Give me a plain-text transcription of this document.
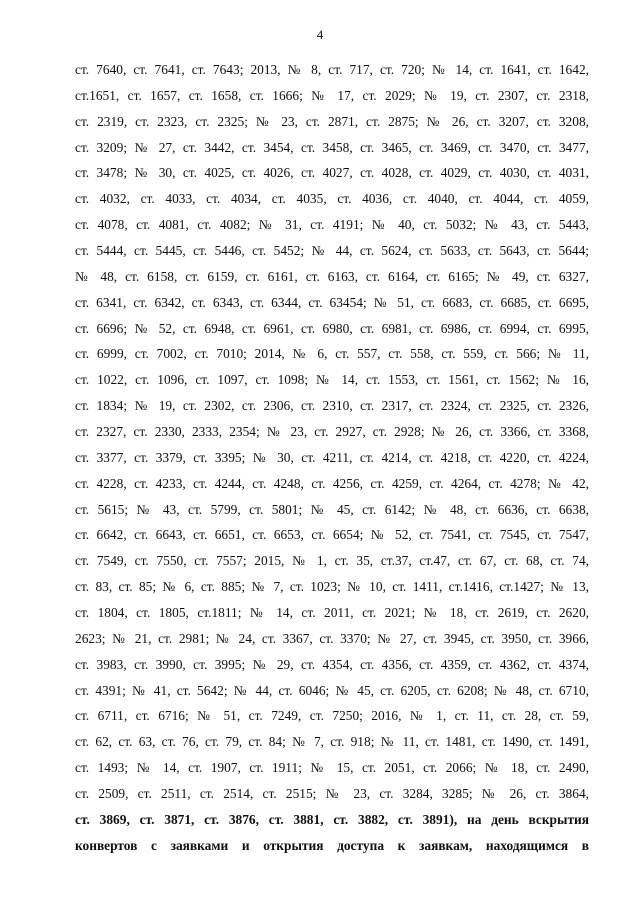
4
ст. 7640, ст. 7641, ст. 7643; 2013, № 8, ст. 717, ст. 720; № 14, ст. 1641, ст. 1642,
ст.1651, ст. 1657, ст. 1658, ст. 1666; № 17, ст. 2029; № 19, ст. 2307, ст. 2318,
ст. 2319, ст. 2323, ст. 2325; № 23, ст. 2871, ст. 2875; № 26, ст. 3207, ст. 3208,
ст. 3209; № 27, ст. 3442, ст. 3454, ст. 3458, ст. 3465, ст. 3469, ст. 3470, ст. 3477,
ст. 3478; № 30, ст. 4025, ст. 4026, ст. 4027, ст. 4028, ст. 4029, ст. 4030, ст. 4031,
ст. 4032, ст. 4033, ст. 4034, ст. 4035, ст. 4036, ст. 4040, ст. 4044, ст. 4059,
ст. 4078, ст. 4081, ст. 4082; № 31, ст. 4191; № 40, ст. 5032; № 43, ст. 5443,
ст. 5444, ст. 5445, ст. 5446, ст. 5452; № 44, ст. 5624, ст. 5633, ст. 5643, ст. 5644;
№ 48, ст. 6158, ст. 6159, ст. 6161, ст. 6163, ст. 6164, ст. 6165; № 49, ст. 6327,
ст. 6341, ст. 6342, ст. 6343, ст. 6344, ст. 63454; № 51, ст. 6683, ст. 6685, ст. 6695,
ст. 6696; № 52, ст. 6948, ст. 6961, ст. 6980, ст. 6981, ст. 6986, ст. 6994, ст. 6995,
ст. 6999, ст. 7002, ст. 7010; 2014, № 6, ст. 557, ст. 558, ст. 559, ст. 566; № 11,
ст. 1022, ст. 1096, ст. 1097, ст. 1098; № 14, ст. 1553, ст. 1561, ст. 1562; № 16,
ст. 1834; № 19, ст. 2302, ст. 2306, ст. 2310, ст. 2317, ст. 2324, ст. 2325, ст. 2326,
ст. 2327, ст. 2330, 2333, 2354; № 23, ст. 2927, ст. 2928; № 26, ст. 3366, ст. 3368,
ст. 3377, ст. 3379, ст. 3395; № 30, ст. 4211, ст. 4214, ст. 4218, ст. 4220, ст. 4224,
ст. 4228, ст. 4233, ст. 4244, ст. 4248, ст. 4256, ст. 4259, ст. 4264, ст. 4278; № 42,
ст. 5615; № 43, ст. 5799, ст. 5801; № 45, ст. 6142; № 48, ст. 6636, ст. 6638,
ст. 6642, ст. 6643, ст. 6651, ст. 6653, ст. 6654; № 52, ст. 7541, ст. 7545, ст. 7547,
ст. 7549, ст. 7550, ст. 7557; 2015, № 1, ст. 35, ст.37, ст.47, ст. 67, ст. 68, ст. 74,
ст. 83, ст. 85; № 6, ст. 885; № 7, ст. 1023; № 10, ст. 1411, ст.1416, ст.1427; № 13,
ст. 1804, ст. 1805, ст.1811; № 14, ст. 2011, ст. 2021; № 18, ст. 2619, ст. 2620,
2623; № 21, ст. 2981; № 24, ст. 3367, ст. 3370; № 27, ст. 3945, ст. 3950, ст. 3966,
ст. 3983, ст. 3990, ст. 3995; № 29, ст. 4354, ст. 4356, ст. 4359, ст. 4362, ст. 4374,
ст. 4391; № 41, ст. 5642; № 44, ст. 6046; № 45, ст. 6205, ст. 6208; № 48, ст. 6710,
ст. 6711, ст. 6716; № 51, ст. 7249, ст. 7250; 2016, № 1, ст. 11, ст. 28, ст. 59,
ст. 62, ст. 63, ст. 76, ст. 79, ст. 84; № 7, ст. 918; № 11, ст. 1481, ст. 1490, ст. 1491,
ст. 1493; № 14, ст. 1907, ст. 1911; № 15, ст. 2051, ст. 2066; № 18, ст. 2490,
ст. 2509, ст. 2511, ст. 2514, ст. 2515; № 23, ст. 3284, 3285; № 26, ст. 3864,
ст. 3869, ст. 3871, ст. 3876, ст. 3881, ст. 3882, ст. 3891), на день вскрытия
конвертов с заявками и открытия доступа к заявкам, находящимся в
